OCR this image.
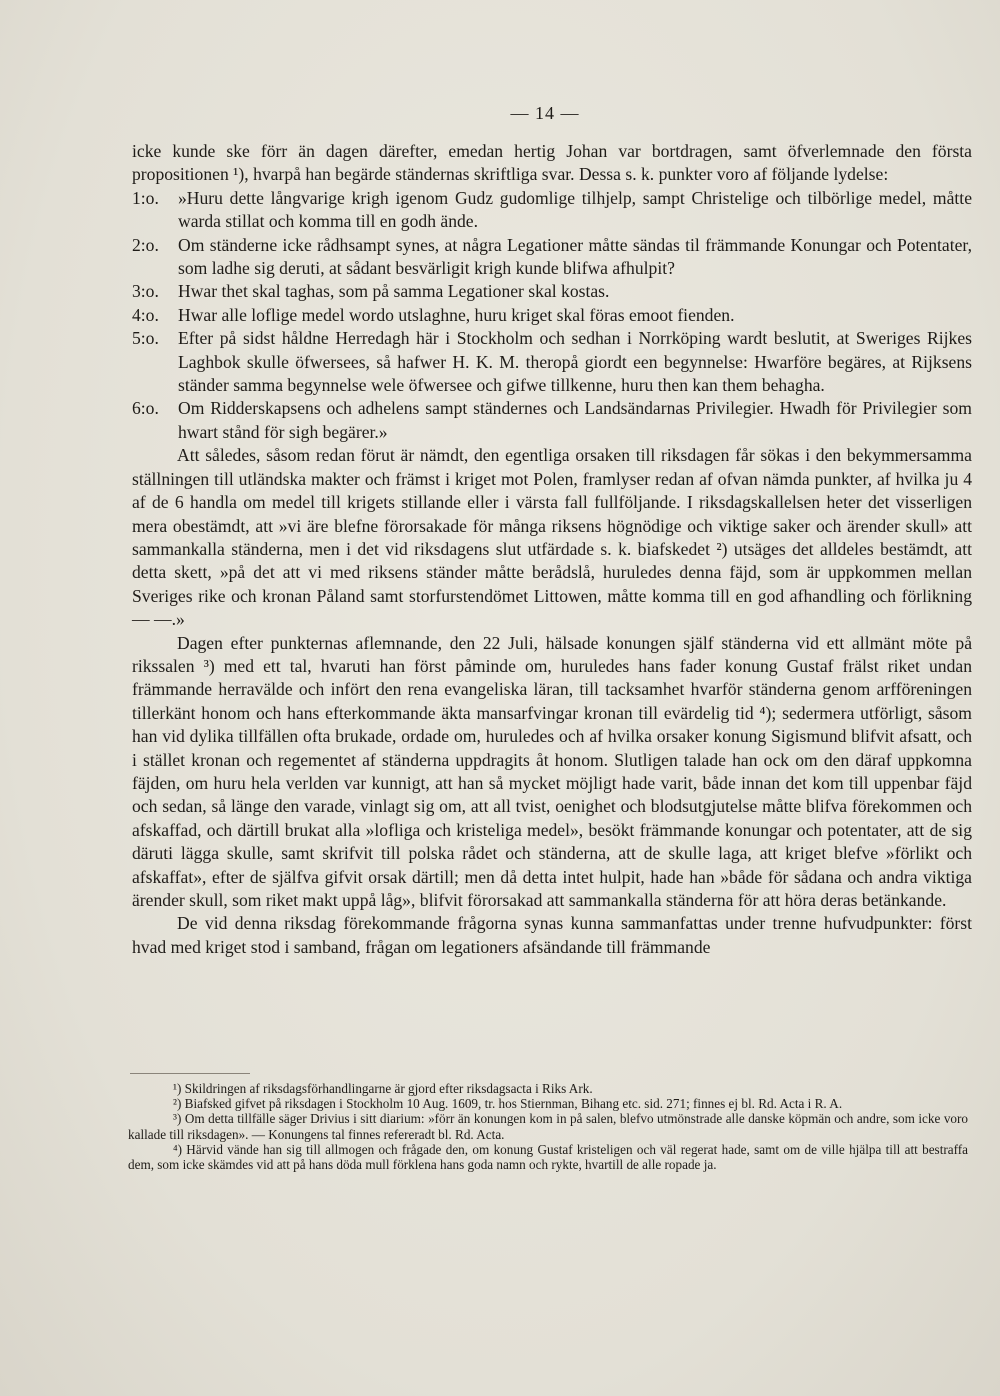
— 14 —

icke kunde ske förr än dagen därefter, emedan hertig Johan var bortdragen, samt öfverlemnade den första propositionen ¹), hvarpå han begärde ständernas skriftliga svar. Dessa s. k. punkter voro af följande lydelse:

1:o.	»Huru dette långvarige krigh igenom Gudz gudomlige tilhjelp, sampt Christelige och tilbörlige medel, måtte warda stillat och komma till en godh ände.
2:o.	Om ständerne icke rådhsampt synes, at några Legationer måtte sändas til främmande Konungar och Potentater, som ladhe sig deruti, at sådant besvärligit krigh kunde blifwa afhulpit?
3:o.	Hwar thet skal taghas, som på samma Legationer skal kostas.
4:o.	Hwar alle loflige medel wordo utslaghne, huru kriget skal föras emoot fienden.
5:o.	Efter på sidst håldne Herredagh här i Stockholm och sedhan i Norrköping wardt beslutit, at Sweriges Rijkes Laghbok skulle öfwersees, så hafwer H. K. M. theropå giordt een begynnelse: Hwarföre begäres, at Rijksens ständer samma begynnelse wele öfwersee och gifwe tillkenne, huru then kan them behagha.
6:o.	Om Ridderskapsens och adhelens sampt ständernes och Landsändarnas Privilegier. Hwadh för Privilegier som hwart stånd för sigh begärer.»

Att således, såsom redan förut är nämdt, den egentliga orsaken till riksdagen får sökas i den bekymmersamma ställningen till utländska makter och främst i kriget mot Polen, framlyser redan af ofvan nämda punkter, af hvilka ju 4 af de 6 handla om medel till krigets stillande eller i värsta fall fullföljande. I riksdagskallelsen heter det visserligen mera obestämdt, att »vi äre blefne förorsakade för många riksens högnödige och viktige saker och ärender skull» att sammankalla ständerna, men i det vid riksdagens slut utfärdade s. k. biafskedet ²) utsäges det alldeles bestämdt, att detta skett, »på det att vi med riksens ständer måtte berådslå, huruledes denna fäjd, som är uppkommen mellan Sveriges rike och kronan Påland samt storfurstendömet Littowen, måtte komma till en god afhandling och förlikning — —.»

Dagen efter punkternas aflemnande, den 22 Juli, hälsade konungen själf ständerna vid ett allmänt möte på rikssalen ³) med ett tal, hvaruti han först påminde om, huruledes hans fader konung Gustaf frälst riket undan främmande herravälde och infört den rena evangeliska läran, till tacksamhet hvarför ständerna genom arfföreningen tillerkänt honom och hans efterkommande äkta mansarfvingar kronan till evärdelig tid ⁴); sedermera utförligt, såsom han vid dylika tillfällen ofta brukade, ordade om, huruledes och af hvilka orsaker konung Sigismund blifvit afsatt, och i stället kronan och regementet af ständerna uppdragits åt honom. Slutligen talade han ock om den däraf uppkomna fäjden, om huru hela verlden var kunnigt, att han så mycket möjligt hade varit, både innan det kom till uppenbar fäjd och sedan, så länge den varade, vinlagt sig om, att all tvist, oenighet och blodsutgjutelse måtte blifva förekommen och afskaffad, och därtill brukat alla »lofliga och kristeliga medel», besökt främmande konungar och potentater, att de sig däruti lägga skulle, samt skrifvit till polska rådet och ständerna, att de skulle laga, att kriget blefve »förlikt och afskaffat», efter de själfva gifvit orsak därtill; men då detta intet hulpit, hade han »både för sådana och andra viktiga ärender skull, som riket makt uppå låg», blifvit förorsakad att sammankalla ständerna för att höra deras betänkande.

De vid denna riksdag förekommande frågorna synas kunna sammanfattas under trenne hufvudpunkter: först hvad med kriget stod i samband, frågan om legationers afsändande till främmande

¹) Skildringen af riksdagsförhandlingarne är gjord efter riksdagsacta i Riks Ark.

²) Biafsked gifvet på riksdagen i Stockholm 10 Aug. 1609, tr. hos Stiernman, Bihang etc. sid. 271; finnes ej bl. Rd. Acta i R. A.

³) Om detta tillfälle säger Drivius i sitt diarium: »förr än konungen kom in på salen, blefvo utmönstrade alle danske köpmän och andre, som icke voro kallade till riksdagen». — Konungens tal finnes refereradt bl. Rd. Acta.

⁴) Härvid vände han sig till allmogen och frågade den, om konung Gustaf kristeligen och väl regerat hade, samt om de ville hjälpa till att bestraffa dem, som icke skämdes vid att på hans döda mull förklena hans goda namn och rykte, hvartill de alle ropade ja.
